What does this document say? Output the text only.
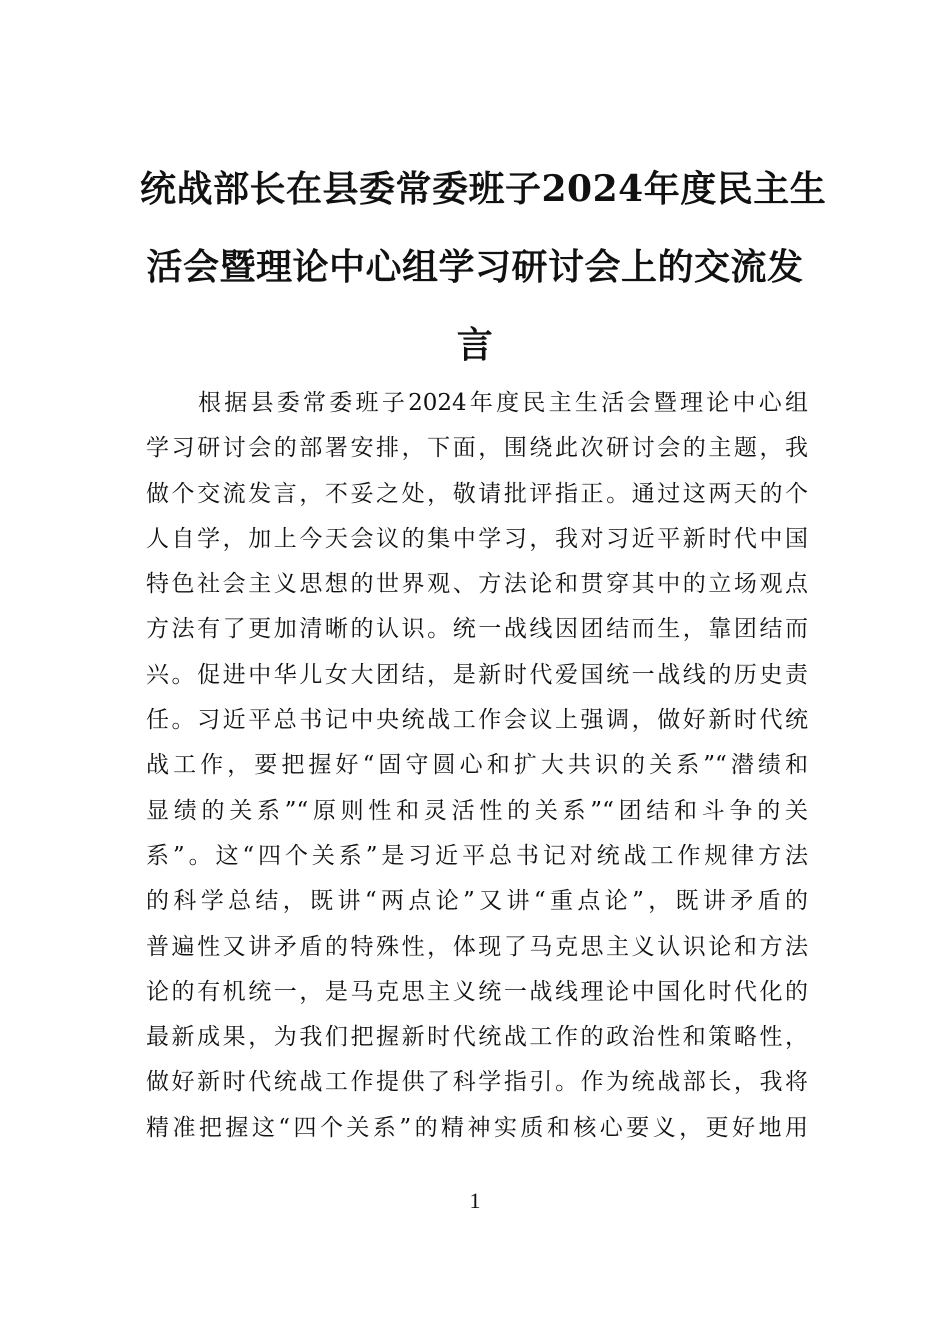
统战部长在县委常委班子2024年度民主生
活会暨理论中心组学习研讨会上的交流发
言
根据县委常委班子2024年度民主生活会暨理论中心组
学习研讨会的部署安排，下面，围绕此次研讨会的主题，我
做个交流发言，不妥之处，敬请批评指正。通过这两天的个
人自学，加上今天会议的集中学习，我对习近平新时代中国
特色社会主义思想的世界观、方法论和贯穿其中的立场观点
方法有了更加清晰的认识。统一战线因团结而生，靠团结而
兴。促进中华儿女大团结，是新时代爱国统一战线的历史责
任。习近平总书记中央统战工作会议上强调，做好新时代统
战工作，要把握好“固守圆心和扩大共识的关系”“潜绩和
显绩的关系”“原则性和灵活性的关系”“团结和斗争的关
系”。这“四个关系”是习近平总书记对统战工作规律方法
的科学总结，既讲“两点论”又讲“重点论”，既讲矛盾的
普遍性又讲矛盾的特殊性，体现了马克思主义认识论和方法
论的有机统一，是马克思主义统一战线理论中国化时代化的
最新成果，为我们把握新时代统战工作的政治性和策略性，
做好新时代统战工作提供了科学指引。作为统战部长，我将
精准把握这“四个关系”的精神实质和核心要义，更好地用
1
